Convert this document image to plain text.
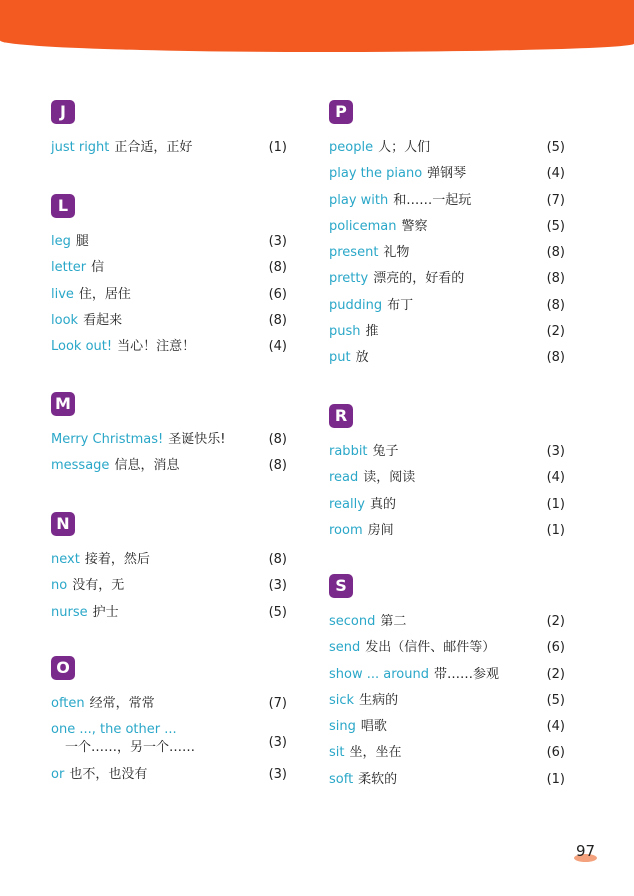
J
just right 正合适，正好	(1)
L
leg 腿	(3)
letter 信	(8)
live 住，居住	(6)
look 看起来	(8)
Look out! 当心！注意！	(4)
M
Merry Christmas! 圣诞快乐!	(8)
message 信息，消息	(8)
N
next 接着，然后	(8)
no 没有，无	(3)
nurse 护士	(5)
O
often 经常，常常	(7)
one ..., the other ...
一个……，另一个……	(3)
or 也不，也没有	(3)
P
people 人；人们	(5)
play the piano 弹钢琴	(4)
play with 和……一起玩	(7)
policeman 警察	(5)
present 礼物	(8)
pretty 漂亮的，好看的	(8)
pudding 布丁	(8)
push 推	(2)
put 放	(8)
R
rabbit 兔子	(3)
read 读，阅读	(4)
really 真的	(1)
room 房间	(1)
S
second 第二	(2)
send 发出（信件、邮件等）	(6)
show ... around 带……参观	(2)
sick 生病的	(5)
sing 唱歌	(4)
sit 坐，坐在	(6)
soft 柔软的	(1)
97
